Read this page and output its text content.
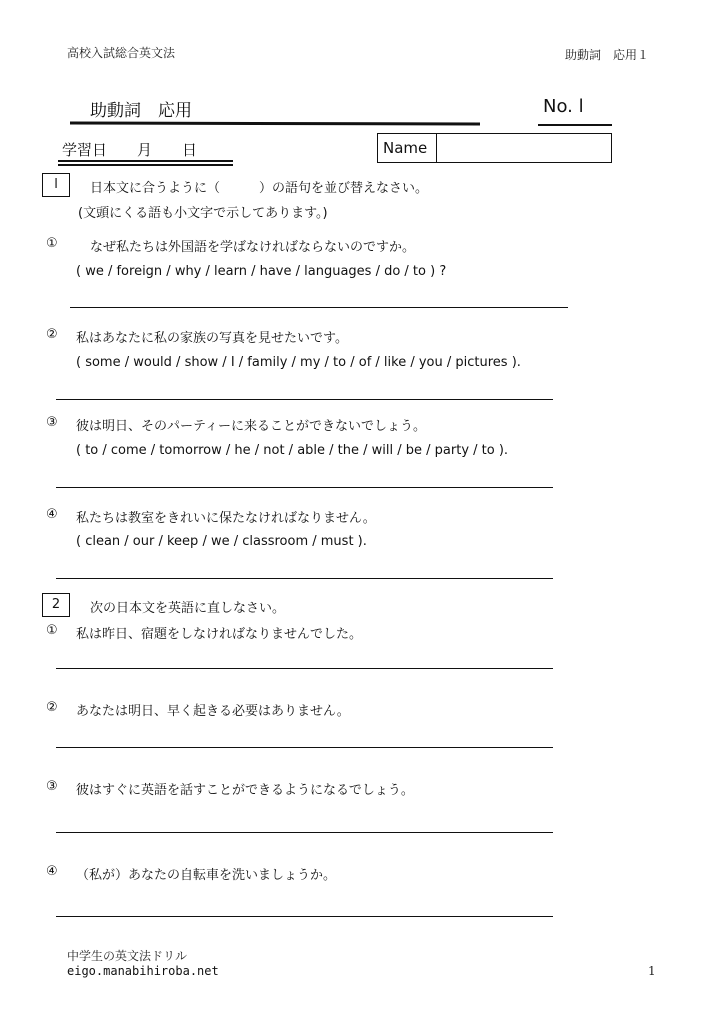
高校入試総合英文法	助動詞　応用１
助動詞　応用	No. l
学習日　　月　　日	Name
l	日本文に合うように（　　　）の語句を並び替えなさい。
(文頭にくる語も小文字で示してあります。)
① なぜ私たちは外国語を学ばなければならないのですか。
( we / foreign / why / learn / have / languages / do / to ) ?
② 私はあなたに私の家族の写真を見せたいです。
( some / would / show / I / family / my / to / of / like / you / pictures ).
③ 彼は明日、そのパーティーに来ることができないでしょう。
( to / come / tomorrow / he / not / able / the / will / be / party / to ).
④ 私たちは教室をきれいに保たなければなりません。
( clean / our / keep / we / classroom / must ).
2	次の日本文を英語に直しなさい。
① 私は昨日、宿題をしなければなりませんでした。
② あなたは明日、早く起きる必要はありません。
③ 彼はすぐに英語を話すことができるようになるでしょう。
④ （私が）あなたの自転車を洗いましょうか。
中学生の英文法ドリル
eigo.manabihiroba.net	1
